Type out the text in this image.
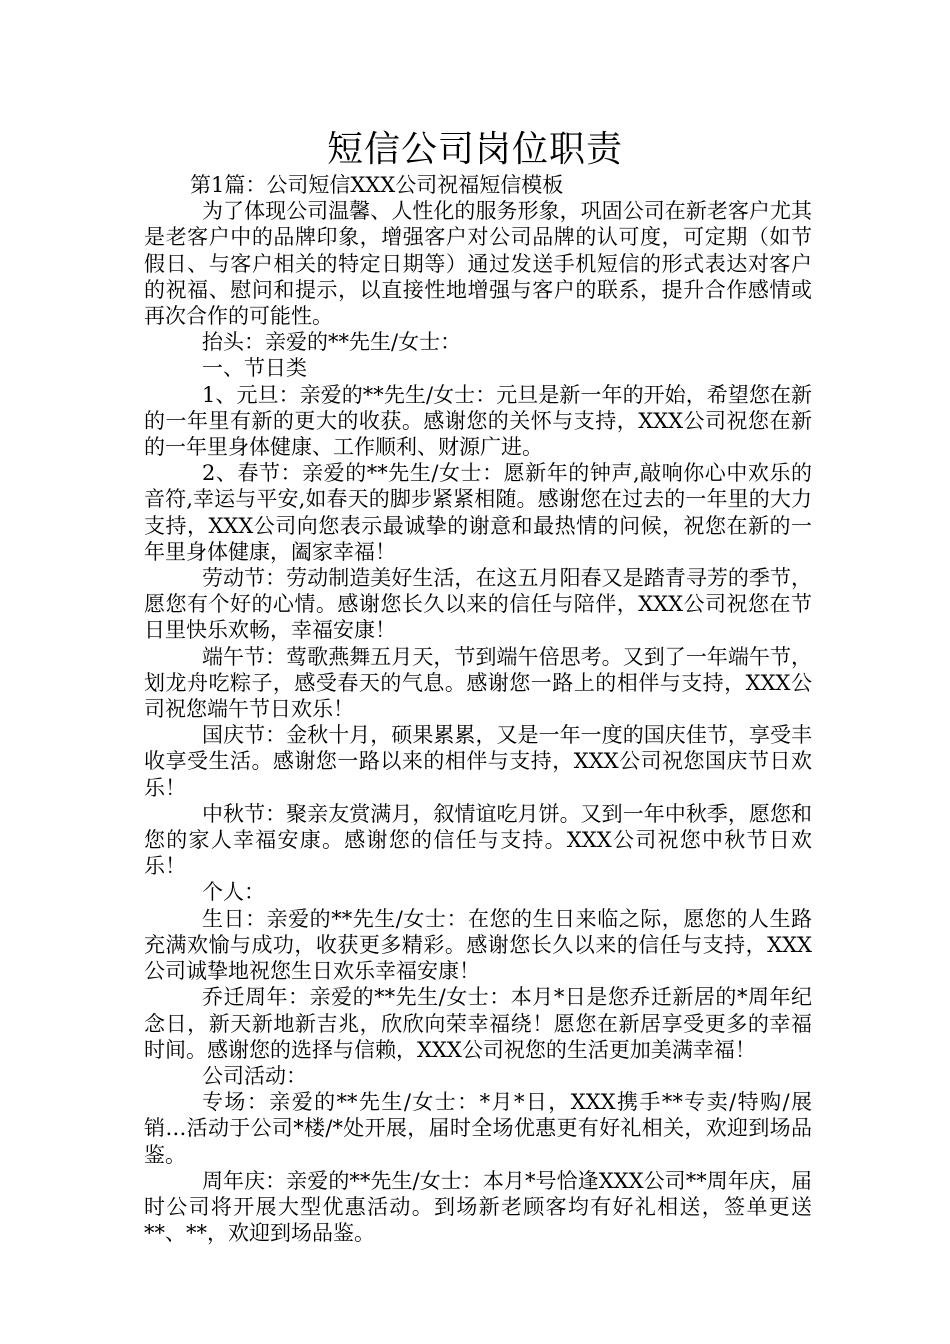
短信公司岗位职责

第1篇：公司短信XXX公司祝福短信模板

为了体现公司温馨、人性化的服务形象，巩固公司在新老客户尤其是老客户中的品牌印象，增强客户对公司品牌的认可度，可定期（如节假日、与客户相关的特定日期等）通过发送手机短信的形式表达对客户的祝福、慰问和提示，以直接性地增强与客户的联系，提升合作感情或再次合作的可能性。

抬头：亲爱的**先生/女士：

一、节日类

1、元旦：亲爱的**先生/女士：元旦是新一年的开始，希望您在新的一年里有新的更大的收获。感谢您的关怀与支持，XXX公司祝您在新的一年里身体健康、工作顺利、财源广进。

2、春节：亲爱的**先生/女士：愿新年的钟声,敲响你心中欢乐的音符,幸运与平安,如春天的脚步紧紧相随。感谢您在过去的一年里的大力支持，XXX公司向您表示最诚挚的谢意和最热情的问候，祝您在新的一年里身体健康，阖家幸福！

劳动节：劳动制造美好生活，在这五月阳春又是踏青寻芳的季节，愿您有个好的心情。感谢您长久以来的信任与陪伴，XXX公司祝您在节日里快乐欢畅，幸福安康！

端午节：莺歌燕舞五月天，节到端午倍思考。又到了一年端午节，划龙舟吃粽子，感受春天的气息。感谢您一路上的相伴与支持，XXX公司祝您端午节日欢乐！

国庆节：金秋十月，硕果累累，又是一年一度的国庆佳节，享受丰收享受生活。感谢您一路以来的相伴与支持，XXX公司祝您国庆节日欢乐！

中秋节：聚亲友赏满月，叙情谊吃月饼。又到一年中秋季，愿您和您的家人幸福安康。感谢您的信任与支持。XXX公司祝您中秋节日欢乐！

个人：

生日：亲爱的**先生/女士：在您的生日来临之际，愿您的人生路充满欢愉与成功，收获更多精彩。感谢您长久以来的信任与支持，XXX公司诚挚地祝您生日欢乐幸福安康！

乔迁周年：亲爱的**先生/女士：本月*日是您乔迁新居的*周年纪念日，新天新地新吉兆，欣欣向荣幸福绕！愿您在新居享受更多的幸福时间。感谢您的选择与信赖，XXX公司祝您的生活更加美满幸福！

公司活动：

专场：亲爱的**先生/女士：*月*日，XXX携手**专卖/特购/展销…活动于公司*楼/*处开展，届时全场优惠更有好礼相关，欢迎到场品鉴。

周年庆：亲爱的**先生/女士：本月*号恰逢XXX公司**周年庆，届时公司将开展大型优惠活动。到场新老顾客均有好礼相送，签单更送**、**，欢迎到场品鉴。
